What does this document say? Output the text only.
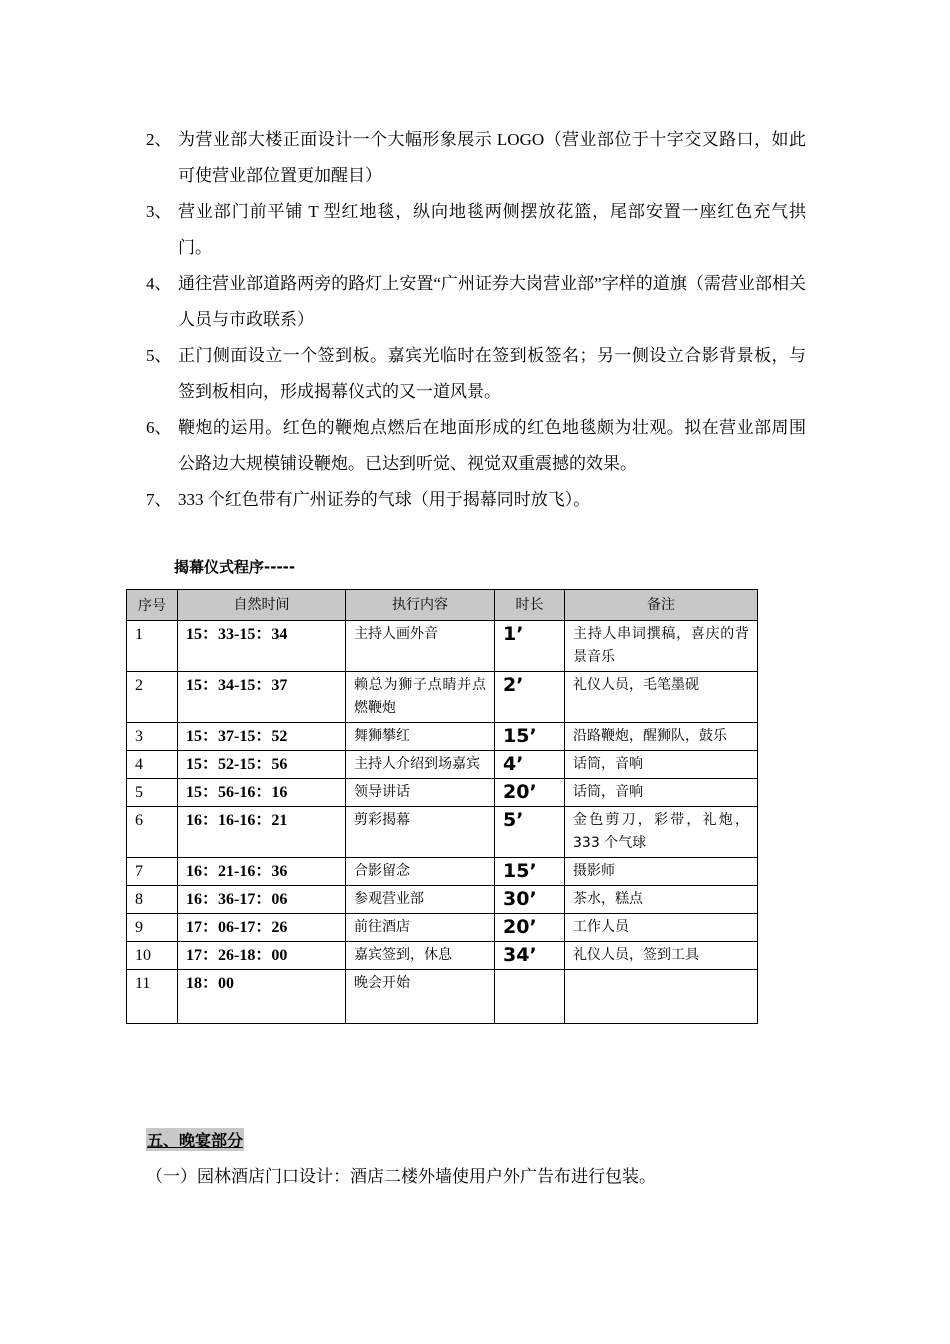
2、 为营业部大楼正面设计一个大幅形象展示 LOGO（营业部位于十字交叉路口，如此可使营业部位置更加醒目）
3、 营业部门前平铺 T 型红地毯，纵向地毯两侧摆放花篮，尾部安置一座红色充气拱门。
4、 通往营业部道路两旁的路灯上安置“广州证券大岗营业部”字样的道旗（需营业部相关人员与市政联系）
5、 正门侧面设立一个签到板。嘉宾光临时在签到板签名；另一侧设立合影背景板，与签到板相向，形成揭幕仪式的又一道风景。
6、 鞭炮的运用。红色的鞭炮点燃后在地面形成的红色地毯颇为壮观。拟在营业部周围公路边大规模铺设鞭炮。已达到听觉、视觉双重震撼的效果。
7、 333 个红色带有广州证券的气球（用于揭幕同时放飞）。
揭幕仪式程序-----
序号	自然时间	执行内容	时长	备注
1	15：33-15：34	主持人画外音	1’	主持人串词撰稿，喜庆的背景音乐
2	15：34-15：37	赖总为狮子点睛并点燃鞭炮	2’	礼仪人员，毛笔墨砚
3	15：37-15：52	舞狮攀红	15’	沿路鞭炮，醒狮队，鼓乐
4	15：52-15：56	主持人介绍到场嘉宾	4’	话筒，音响
5	15：56-16：16	领导讲话	20’	话筒，音响
6	16：16-16：21	剪彩揭幕	5’	金色剪刀，彩带，礼炮，333 个气球
7	16：21-16：36	合影留念	15’	摄影师
8	16：36-17：06	参观营业部	30’	茶水，糕点
9	17：06-17：26	前往酒店	20’	工作人员
10	17：26-18：00	嘉宾签到，休息	34’	礼仪人员，签到工具
11	18：00	晚会开始		
五、晚宴部分
（一）园林酒店门口设计：酒店二楼外墙使用户外广告布进行包装。
